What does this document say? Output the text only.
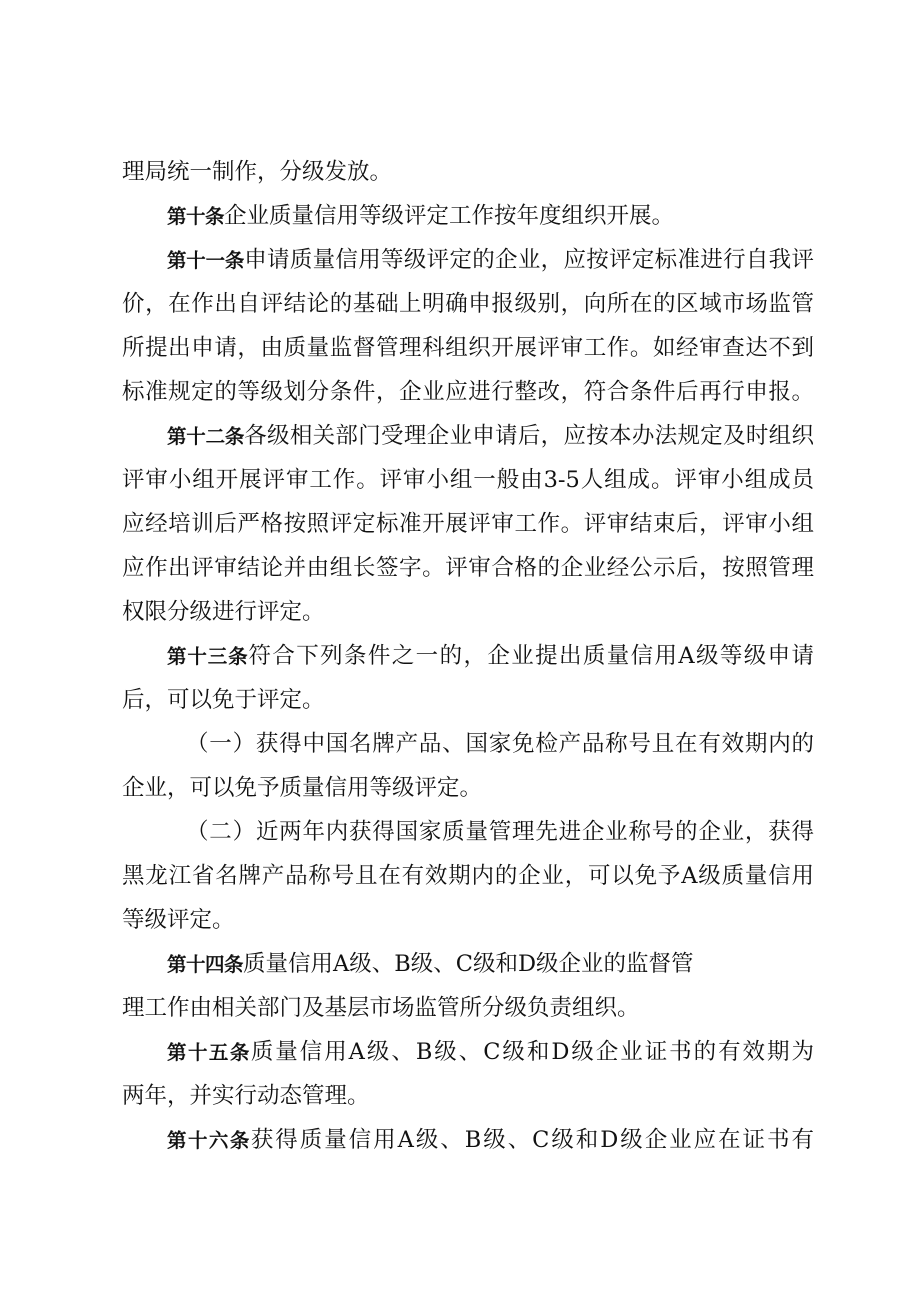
理局统一制作，分级发放。
第十条企业质量信用等级评定工作按年度组织开展。
第十一条申请质量信用等级评定的企业，应按评定标准进行自我评
价，在作出自评结论的基础上明确申报级别，向所在的区域市场监管
所提出申请，由质量监督管理科组织开展评审工作。如经审查达不到
标准规定的等级划分条件，企业应进行整改，符合条件后再行申报。
第十二条各级相关部门受理企业申请后，应按本办法规定及时组织
评审小组开展评审工作。评审小组一般由3-5人组成。评审小组成员
应经培训后严格按照评定标准开展评审工作。评审结束后，评审小组
应作出评审结论并由组长签字。评审合格的企业经公示后，按照管理
权限分级进行评定。
第十三条符合下列条件之一的，企业提出质量信用A级等级申请
后，可以免于评定。
（一）获得中国名牌产品、国家免检产品称号且在有效期内的
企业，可以免予质量信用等级评定。
（二）近两年内获得国家质量管理先进企业称号的企业，获得
黑龙江省名牌产品称号且在有效期内的企业，可以免予A级质量信用
等级评定。
第十四条质量信用A级、B级、C级和D级企业的监督管
理工作由相关部门及基层市场监管所分级负责组织。
第十五条质量信用A级、B级、C级和D级企业证书的有效期为
两年，并实行动态管理。
第十六条获得质量信用A级、B级、C级和D级企业应在证书有
